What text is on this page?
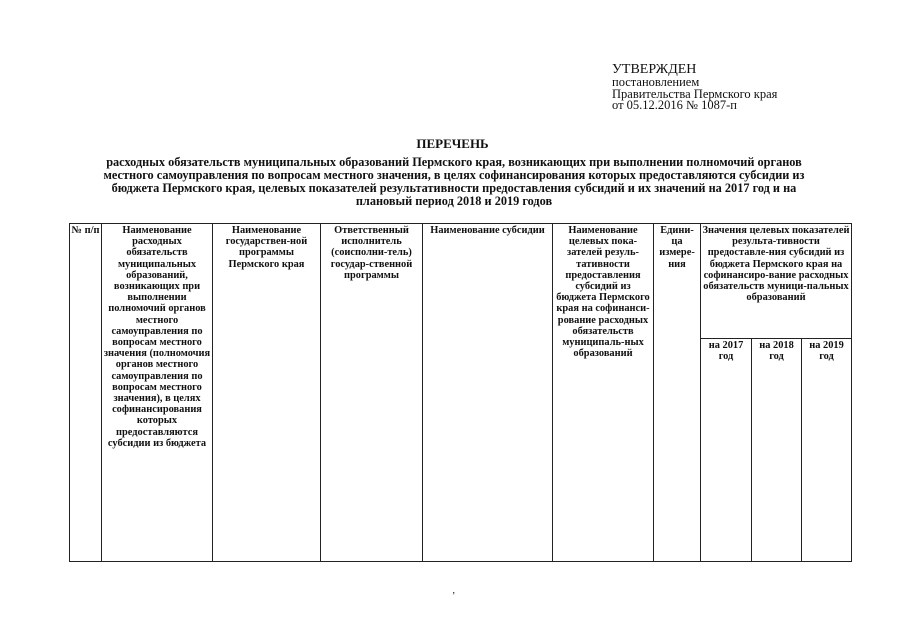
УТВЕРЖДЕН
постановлением
Правительства Пермского края
от 05.12.2016 № 1087-п
ПЕРЕЧЕНЬ
расходных обязательств муниципальных образований Пермского края, возникающих при выполнении полномочий органов местного самоуправления по вопросам местного значения, в целях софинансирования которых предоставляются субсидии из бюджета Пермского края, целевых показателей результативности предоставления субсидий и их значений на 2017 год и на плановый период 2018 и 2019 годов
№ п/п	Наименование расходных обязательств муниципальных образований, возникающих при выполнении полномочий органов местного самоуправления по вопросам местного значения (полномочия органов местного самоуправления по вопросам местного значения), в целях софинансирования которых предоставляются субсидии из бюджета	Наименование государствен-ной программы Пермского края	Ответственный исполнитель (соисполни-тель) государ-ственной программы	Наименование субсидии	Наименование целевых пока-зателей резуль-тативности предоставления субсидий из бюджета Пермского края на софинанси-рование расходных обязательств муниципаль-ных образований	Едини-ца измере-ния	Значения целевых показателей результа-тивности предоставле-ния субсидий из бюджета Пермского края на софинансиро-вание расходных обязательств муници-пальных образований		
							на 2017 год	на 2018 год	на 2019 год
‚
